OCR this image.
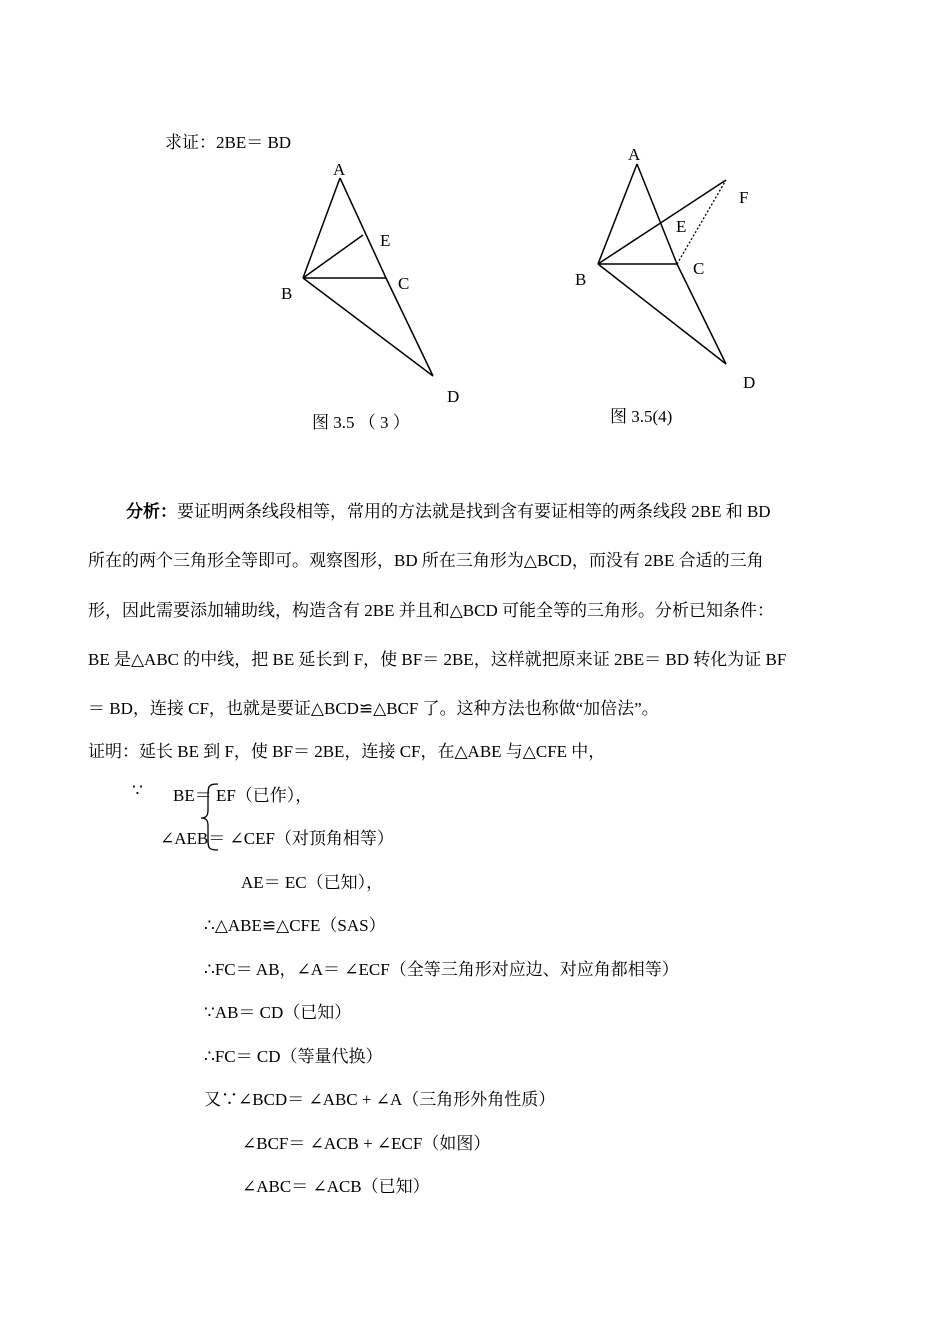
求证：2BE＝ BD
A
B
C
E
D
图 3.5 （ 3 ）
A
B
C
E
F
D
图 3.5(4)
分析：要证明两条线段相等，常用的方法就是找到含有要证相等的两条线段 2BE 和 BD
所在的两个三角形全等即可。观察图形，BD 所在三角形为△BCD，而没有 2BE 合适的三角
形，因此需要添加辅助线，构造含有 2BE 并且和△BCD 可能全等的三角形。分析已知条件：
BE 是△ABC 的中线，把 BE 延长到 F，使 BF＝ 2BE，这样就把原来证 2BE＝ BD 转化为证 BF
＝ BD，连接 CF，也就是要证△BCD≌△BCF 了。这种方法也称做“加倍法”。
证明：延长 BE 到 F，使 BF＝ 2BE，连接 CF，在△ABE 与△CFE 中，
∵ BE＝ EF（已作），
∠AEB＝ ∠CEF（对顶角相等）
AE＝ EC（已知），
∴△ABE≌△CFE（SAS）
∴FC＝ AB，∠A＝ ∠ECF（全等三角形对应边、对应角都相等）
∵AB＝ CD（已知）
∴FC＝ CD（等量代换）
又∵∠BCD＝ ∠ABC + ∠A（三角形外角性质）
∠BCF＝ ∠ACB + ∠ECF（如图）
∠ABC＝ ∠ACB（已知）
